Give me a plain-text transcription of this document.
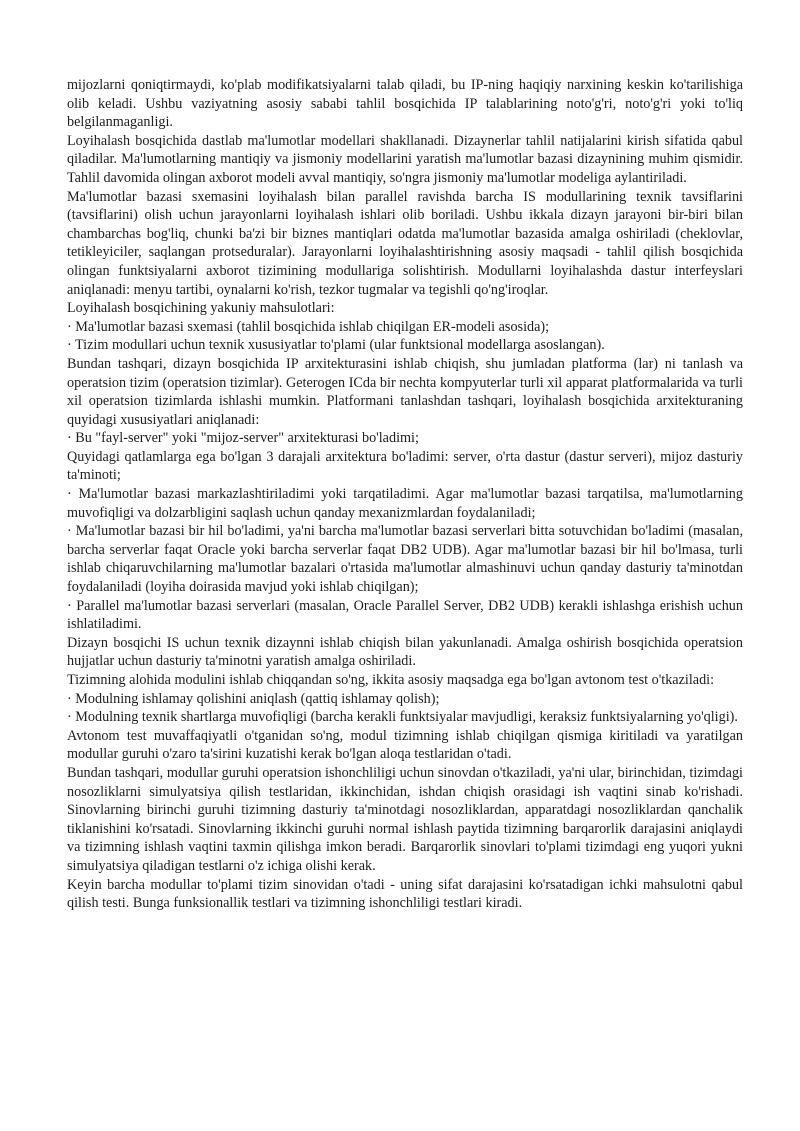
mijozlarni qoniqtirmaydi, ko'plab modifikatsiyalarni talab qiladi, bu IP-ning haqiqiy narxining keskin ko'tarilishiga olib keladi. Ushbu vaziyatning asosiy sababi tahlil bosqichida IP talablarining noto'g'ri, noto'g'ri yoki to'liq belgilanmaganligi.

Loyihalash bosqichida dastlab ma'lumotlar modellari shakllanadi. Dizaynerlar tahlil natijalarini kirish sifatida qabul qiladilar. Ma'lumotlarning mantiqiy va jismoniy modellarini yaratish ma'lumotlar bazasi dizaynining muhim qismidir. Tahlil davomida olingan axborot modeli avval mantiqiy, so'ngra jismoniy ma'lumotlar modeliga aylantiriladi.

Ma'lumotlar bazasi sxemasini loyihalash bilan parallel ravishda barcha IS modullarining texnik tavsiflarini (tavsiflarini) olish uchun jarayonlarni loyihalash ishlari olib boriladi. Ushbu ikkala dizayn jarayoni bir-biri bilan chambarchas bog'liq, chunki ba'zi bir biznes mantiqlari odatda ma'lumotlar bazasida amalga oshiriladi (cheklovlar, tetikleyiciler, saqlangan protseduralar). Jarayonlarni loyihalashtirishning asosiy maqsadi - tahlil qilish bosqichida olingan funktsiyalarni axborot tizimining modullariga solishtirish. Modullarni loyihalashda dastur interfeyslari aniqlanadi: menyu tartibi, oynalarni ko'rish, tezkor tugmalar va tegishli qo'ng'iroqlar.

Loyihalash bosqichining yakuniy mahsulotlari:

· Ma'lumotlar bazasi sxemasi (tahlil bosqichida ishlab chiqilgan ER-modeli asosida);

· Tizim modullari uchun texnik xususiyatlar to'plami (ular funktsional modellarga asoslangan).

Bundan tashqari, dizayn bosqichida IP arxitekturasini ishlab chiqish, shu jumladan platforma (lar) ni tanlash va operatsion tizim (operatsion tizimlar). Geterogen ICda bir nechta kompyuterlar turli xil apparat platformalarida va turli xil operatsion tizimlarda ishlashi mumkin. Platformani tanlashdan tashqari, loyihalash bosqichida arxitekturaning quyidagi xususiyatlari aniqlanadi:

· Bu "fayl-server" yoki "mijoz-server" arxitekturasi bo'ladimi;

Quyidagi qatlamlarga ega bo'lgan 3 darajali arxitektura bo'ladimi: server, o'rta dastur (dastur serveri), mijoz dasturiy ta'minoti;

· Ma'lumotlar bazasi markazlashtiriladimi yoki tarqatiladimi. Agar ma'lumotlar bazasi tarqatilsa, ma'lumotlarning muvofiqligi va dolzarbligini saqlash uchun qanday mexanizmlardan foydalaniladi;

· Ma'lumotlar bazasi bir hil bo'ladimi, ya'ni barcha ma'lumotlar bazasi serverlari bitta sotuvchidan bo'ladimi (masalan, barcha serverlar faqat Oracle yoki barcha serverlar faqat DB2 UDB). Agar ma'lumotlar bazasi bir hil bo'lmasa, turli ishlab chiqaruvchilarning ma'lumotlar bazalari o'rtasida ma'lumotlar almashinuvi uchun qanday dasturiy ta'minotdan foydalaniladi (loyiha doirasida mavjud yoki ishlab chiqilgan);

· Parallel ma'lumotlar bazasi serverlari (masalan, Oracle Parallel Server, DB2 UDB) kerakli ishlashga erishish uchun ishlatiladimi.

Dizayn bosqichi IS uchun texnik dizaynni ishlab chiqish bilan yakunlanadi. Amalga oshirish bosqichida operatsion hujjatlar uchun dasturiy ta'minotni yaratish amalga oshiriladi.

Tizimning alohida modulini ishlab chiqqandan so'ng, ikkita asosiy maqsadga ega bo'lgan avtonom test o'tkaziladi:

· Modulning ishlamay qolishini aniqlash (qattiq ishlamay qolish);

· Modulning texnik shartlarga muvofiqligi (barcha kerakli funktsiyalar mavjudligi, keraksiz funktsiyalarning yo'qligi).

Avtonom test muvaffaqiyatli o'tganidan so'ng, modul tizimning ishlab chiqilgan qismiga kiritiladi va yaratilgan modullar guruhi o'zaro ta'sirini kuzatishi kerak bo'lgan aloqa testlaridan o'tadi.

Bundan tashqari, modullar guruhi operatsion ishonchliligi uchun sinovdan o'tkaziladi, ya'ni ular, birinchidan, tizimdagi nosozliklarni simulyatsiya qilish testlaridan, ikkinchidan, ishdan chiqish orasidagi ish vaqtini sinab ko'rishadi. Sinovlarning birinchi guruhi tizimning dasturiy ta'minotdagi nosozliklardan, apparatdagi nosozliklardan qanchalik tiklanishini ko'rsatadi. Sinovlarning ikkinchi guruhi normal ishlash paytida tizimning barqarorlik darajasini aniqlaydi va tizimning ishlash vaqtini taxmin qilishga imkon beradi. Barqarorlik sinovlari to'plami tizimdagi eng yuqori yukni simulyatsiya qiladigan testlarni o'z ichiga olishi kerak.

Keyin barcha modullar to'plami tizim sinovidan o'tadi - uning sifat darajasini ko'rsatadigan ichki mahsulotni qabul qilish testi. Bunga funksionallik testlari va tizimning ishonchliligi testlari kiradi.
